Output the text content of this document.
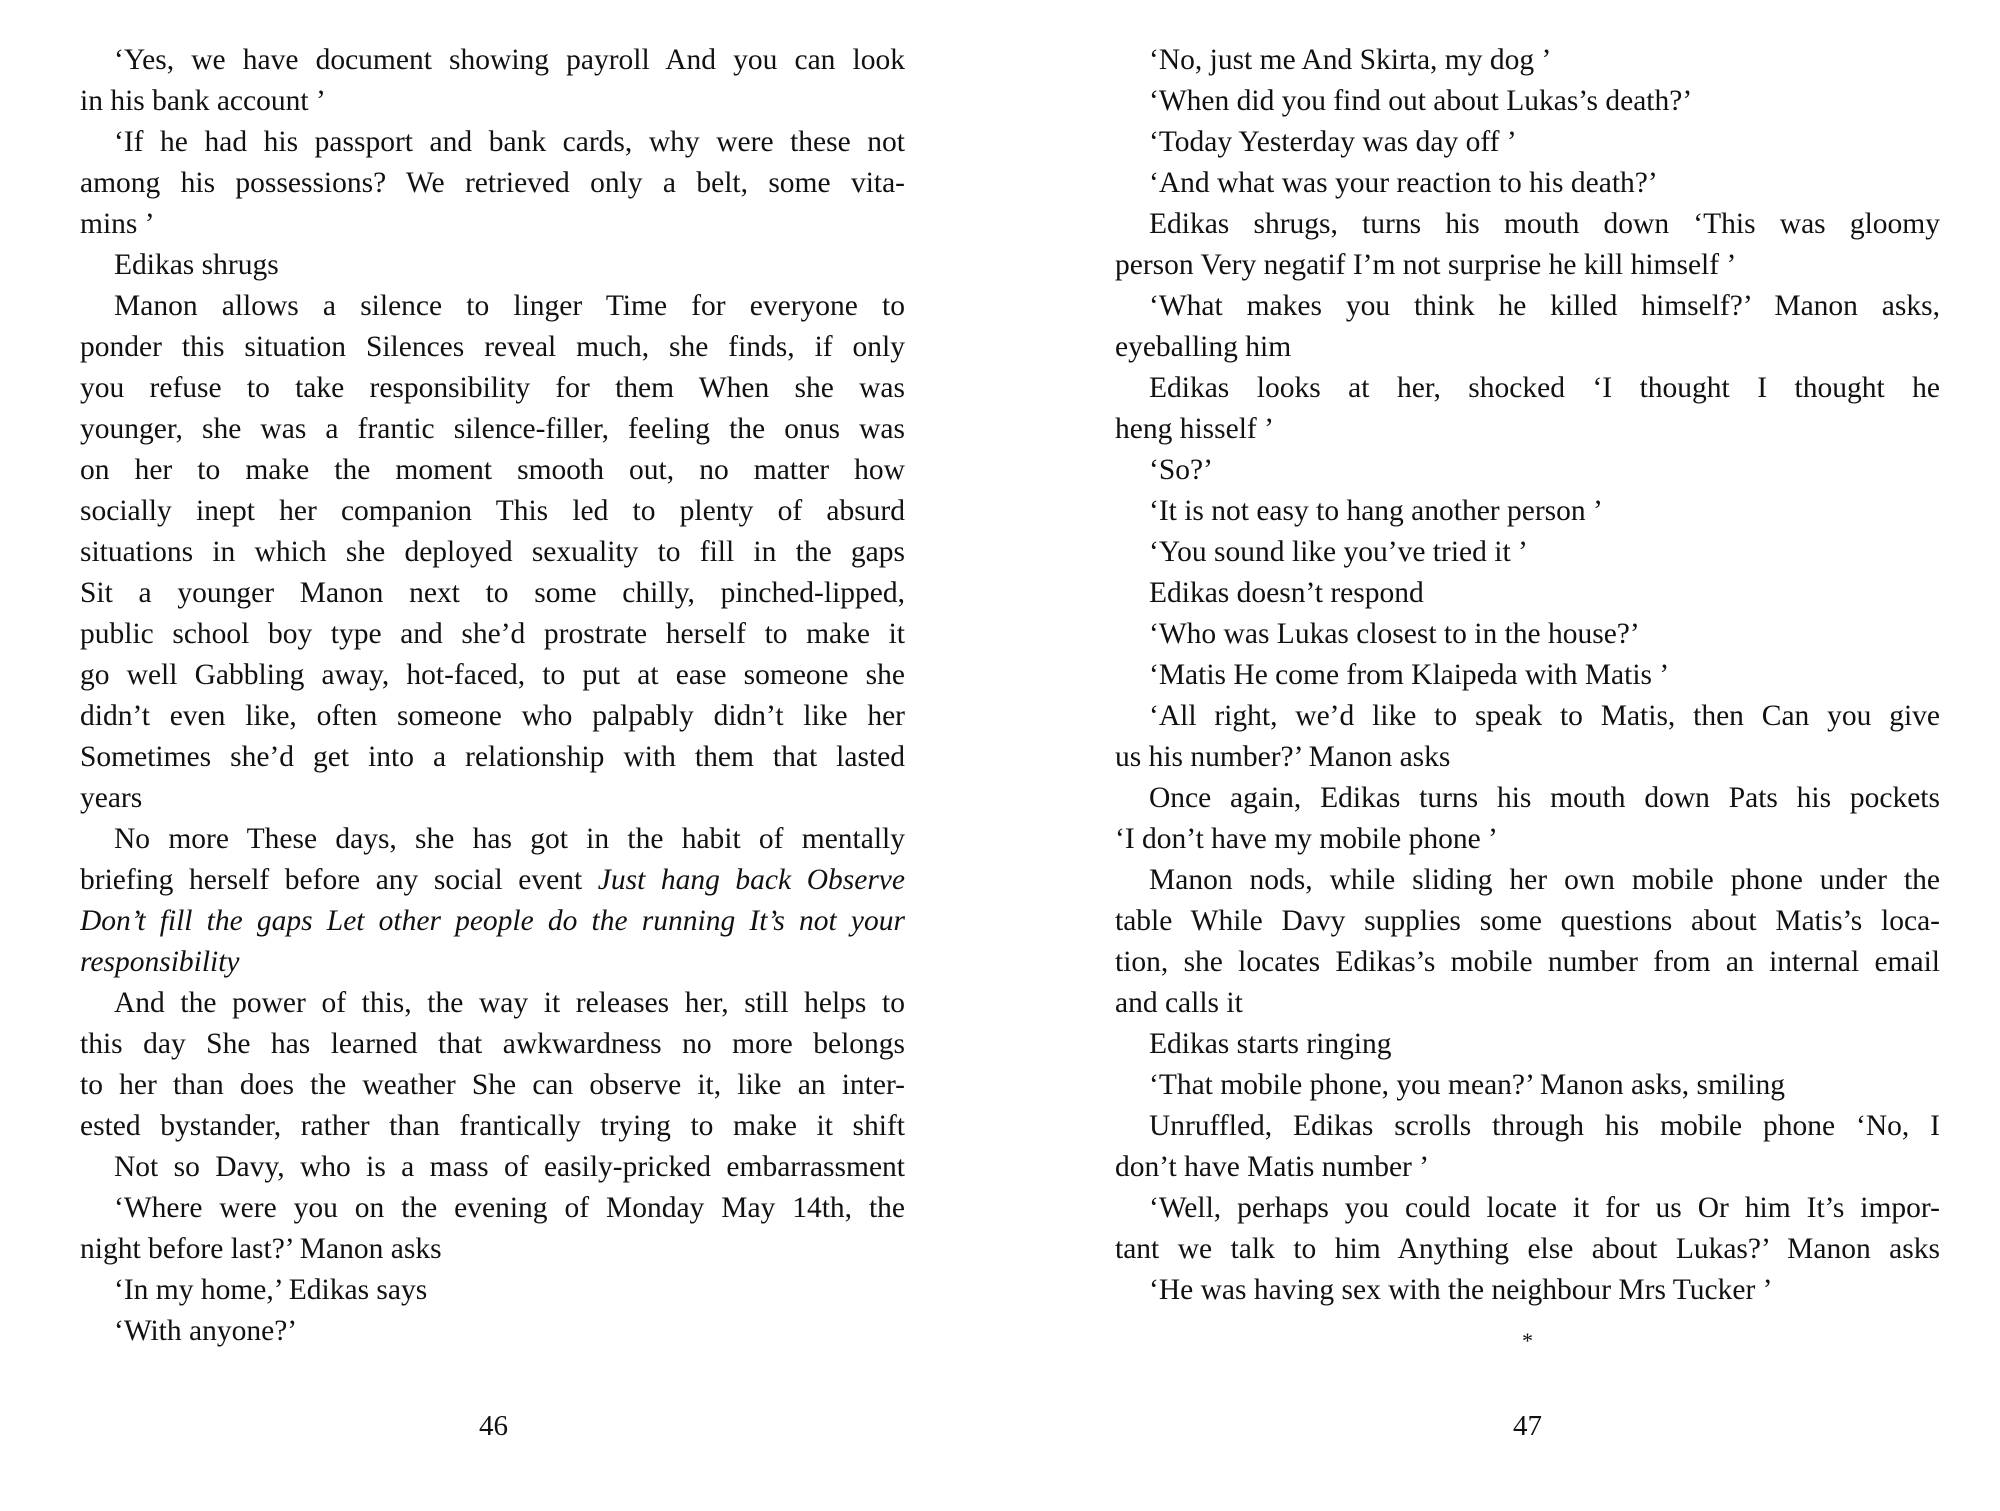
‘Yes, we have document showing payroll And you can look
in his bank account ’
‘If he had his passport and bank cards, why were these not
among his possessions? We retrieved only a belt, some vita-
mins ’
Edikas shrugs
Manon allows a silence to linger Time for everyone to
ponder this situation Silences reveal much, she finds, if only
you refuse to take responsibility for them When she was
younger, she was a frantic silence-filler, feeling the onus was
on her to make the moment smooth out, no matter how
socially inept her companion This led to plenty of absurd
situations in which she deployed sexuality to fill in the gaps
Sit a younger Manon next to some chilly, pinched-lipped,
public school boy type and she’d prostrate herself to make it
go well Gabbling away, hot-faced, to put at ease someone she
didn’t even like, often someone who palpably didn’t like her
Sometimes she’d get into a relationship with them that lasted
years
No more These days, she has got in the habit of mentally
briefing herself before any social event Just hang back Observe
Don’t fill the gaps Let other people do the running It’s not your
responsibility
And the power of this, the way it releases her, still helps to
this day She has learned that awkwardness no more belongs
to her than does the weather She can observe it, like an inter-
ested bystander, rather than frantically trying to make it shift
Not so Davy, who is a mass of easily-pricked embarrassment
‘Where were you on the evening of Monday May 14th, the
night before last?’ Manon asks
‘In my home,’ Edikas says
‘With anyone?’
‘No, just me And Skirta, my dog ’
‘When did you find out about Lukas’s death?’
‘Today Yesterday was day off ’
‘And what was your reaction to his death?’
Edikas shrugs, turns his mouth down ‘This was gloomy
person Very negatif I’m not surprise he kill himself ’
‘What makes you think he killed himself?’ Manon asks,
eyeballing him
Edikas looks at her, shocked ‘I thought I thought he
heng hisself ’
‘So?’
‘It is not easy to hang another person ’
‘You sound like you’ve tried it ’
Edikas doesn’t respond
‘Who was Lukas closest to in the house?’
‘Matis He come from Klaipeda with Matis ’
‘All right, we’d like to speak to Matis, then Can you give
us his number?’ Manon asks
Once again, Edikas turns his mouth down Pats his pockets
‘I don’t have my mobile phone ’
Manon nods, while sliding her own mobile phone under the
table While Davy supplies some questions about Matis’s loca-
tion, she locates Edikas’s mobile number from an internal email
and calls it
Edikas starts ringing
‘That mobile phone, you mean?’ Manon asks, smiling
Unruffled, Edikas scrolls through his mobile phone ‘No, I
don’t have Matis number ’
‘Well, perhaps you could locate it for us Or him It’s impor-
tant we talk to him Anything else about Lukas?’ Manon asks
‘He was having sex with the neighbour Mrs Tucker ’
*
46	47
